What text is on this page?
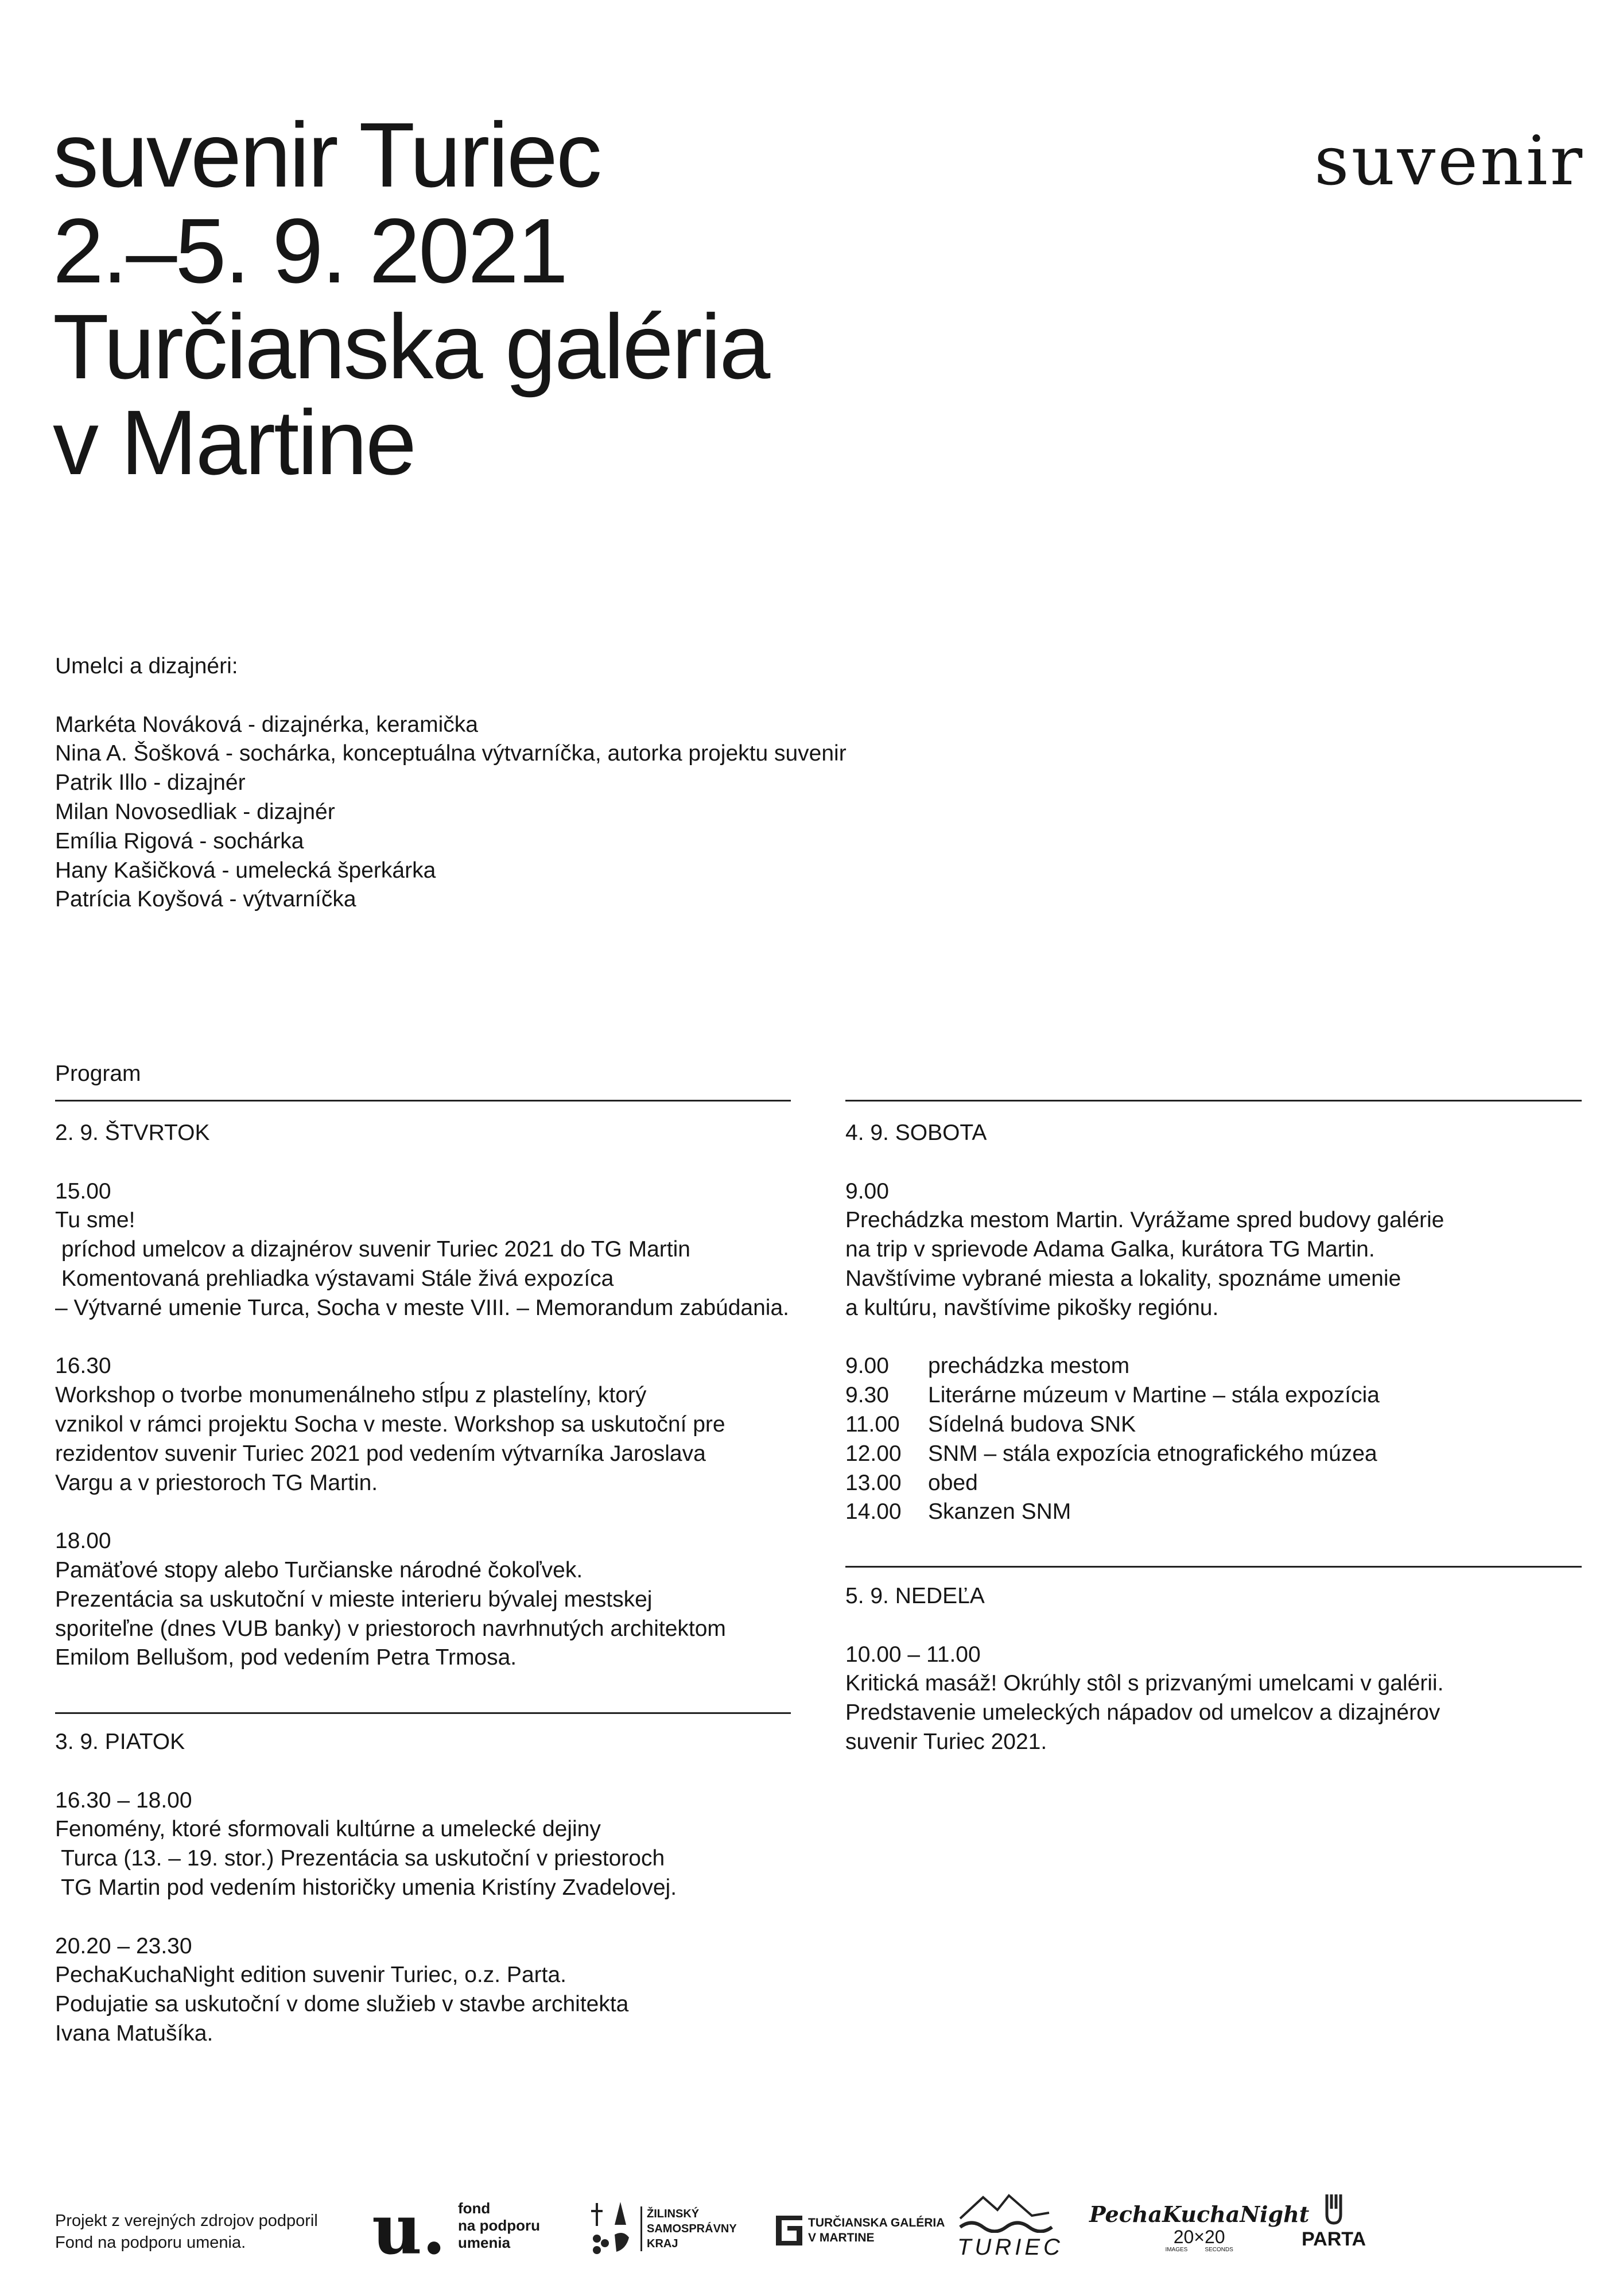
suvenir Turiec
2.–5. 9. 2021
Turčianska galéria
v Martine
suvenir
Umelci a dizajnéri:
Markéta Nováková - dizajnérka, keramička
Nina A. Šošková - sochárka, konceptuálna výtvarníčka, autorka projektu suvenir
Patrik Illo - dizajnér
Milan Novosedliak - dizajnér
Emília Rigová - sochárka
Hany Kašičková - umelecká šperkárka
Patrícia Koyšová - výtvarníčka
Program
2. 9. ŠTVRTOK
15.00
Tu sme!
príchod umelcov a dizajnérov suvenir Turiec 2021 do TG Martin
Komentovaná prehliadka výstavami Stále živá expozíca
– Výtvarné umenie Turca, Socha v meste VIII. – Memorandum zabúdania.
16.30
Workshop o tvorbe monumenálneho stĺpu z plastelíny, ktorý
vznikol v rámci projektu Socha v meste. Workshop sa uskutoční pre
rezidentov suvenir Turiec 2021 pod vedením výtvarníka Jaroslava
Vargu a v priestoroch TG Martin.
18.00
Pamäťové stopy alebo Turčianske národné čokoľvek.
Prezentácia sa uskutoční v mieste interieru bývalej mestskej
sporiteľne (dnes VUB banky) v priestoroch navrhnutých architektom
Emilom Bellušom, pod vedením Petra Trmosa.
3. 9. PIATOK
16.30 – 18.00
Fenomény, ktoré sformovali kultúrne a umelecké dejiny
Turca (13. – 19. stor.) Prezentácia sa uskutoční v priestoroch
TG Martin pod vedením historičky umenia Kristíny Zvadelovej.
20.20 – 23.30
PechaKuchaNight edition suvenir Turiec, o.z. Parta.
Podujatie sa uskutoční v dome služieb v stavbe architekta
Ivana Matušíka.
4. 9. SOBOTA
9.00
Prechádzka mestom Martin. Vyrážame spred budovy galérie
na trip v sprievode Adama Galka, kurátora TG Martin.
Navštívime vybrané miesta a lokality, spoznáme umenie
a kultúru, navštívime pikošky regiónu.
9.00	prechádzka mestom
9.30	Literárne múzeum v Martine – stála expozícia
11.00	Sídelná budova SNK
12.00	SNM – stála expozícia etnografického múzea
13.00	obed
14.00	Skanzen SNM
5. 9. NEDEĽA
10.00 – 11.00
Kritická masáž! Okrúhly stôl s prizvanými umelcami v galérii.
Predstavenie umeleckých nápadov od umelcov a dizajnérov
suvenir Turiec 2021.
Projekt z verejných zdrojov podporil
Fond na podporu umenia.	u. fond
na podporu
umenia
ŽILINSKÝ
SAMOSPRÁVNY
KRAJ
TURČIANSKA GALÉRIA
V MARTINE	TURIEC
PechaKuchaNight
20×20
IMAGES	SECONDS	PARTA
